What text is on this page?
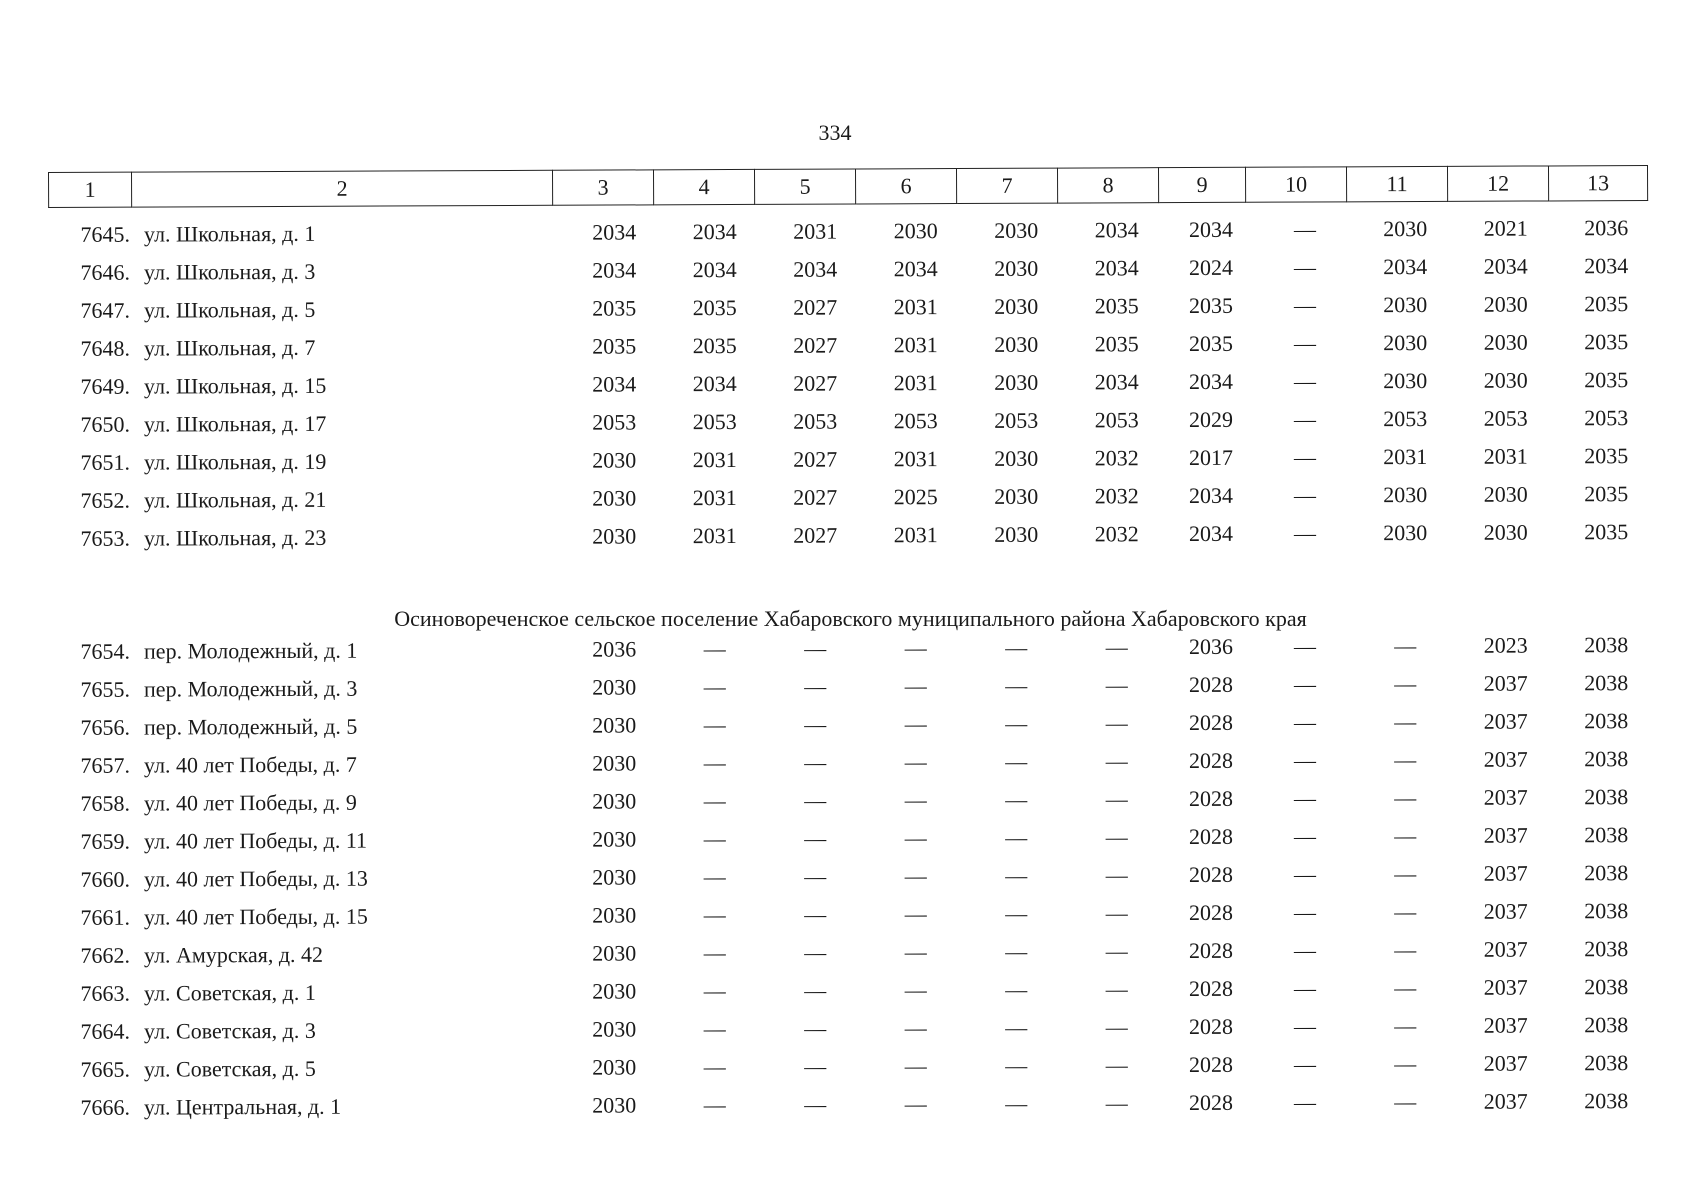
334
1	2	3	4	5	6	7	8	9	10	11	12	13
7645. ул. Школьная, д. 1	2034	2034	2031	2030	2030	2034	2034	—	2030	2021	2036
7646. ул. Школьная, д. 3	2034	2034	2034	2034	2030	2034	2024	—	2034	2034	2034
7647. ул. Школьная, д. 5	2035	2035	2027	2031	2030	2035	2035	—	2030	2030	2035
7648. ул. Школьная, д. 7	2035	2035	2027	2031	2030	2035	2035	—	2030	2030	2035
7649. ул. Школьная, д. 15	2034	2034	2027	2031	2030	2034	2034	—	2030	2030	2035
7650. ул. Школьная, д. 17	2053	2053	2053	2053	2053	2053	2029	—	2053	2053	2053
7651. ул. Школьная, д. 19	2030	2031	2027	2031	2030	2032	2017	—	2031	2031	2035
7652. ул. Школьная, д. 21	2030	2031	2027	2025	2030	2032	2034	—	2030	2030	2035
7653. ул. Школьная, д. 23	2030	2031	2027	2031	2030	2032	2034	—	2030	2030	2035
Осиновореченское сельское поселение Хабаровского муниципального района Хабаровского края
7654. пер. Молодежный, д. 1	2036	—	—	—	—	—	2036	—	—	2023	2038
7655. пер. Молодежный, д. 3	2030	—	—	—	—	—	2028	—	—	2037	2038
7656. пер. Молодежный, д. 5	2030	—	—	—	—	—	2028	—	—	2037	2038
7657. ул. 40 лет Победы, д. 7	2030	—	—	—	—	—	2028	—	—	2037	2038
7658. ул. 40 лет Победы, д. 9	2030	—	—	—	—	—	2028	—	—	2037	2038
7659. ул. 40 лет Победы, д. 11	2030	—	—	—	—	—	2028	—	—	2037	2038
7660. ул. 40 лет Победы, д. 13	2030	—	—	—	—	—	2028	—	—	2037	2038
7661. ул. 40 лет Победы, д. 15	2030	—	—	—	—	—	2028	—	—	2037	2038
7662. ул. Амурская, д. 42	2030	—	—	—	—	—	2028	—	—	2037	2038
7663. ул. Советская, д. 1	2030	—	—	—	—	—	2028	—	—	2037	2038
7664. ул. Советская, д. 3	2030	—	—	—	—	—	2028	—	—	2037	2038
7665. ул. Советская, д. 5	2030	—	—	—	—	—	2028	—	—	2037	2038
7666. ул. Центральная, д. 1	2030	—	—	—	—	—	2028	—	—	2037	2038
